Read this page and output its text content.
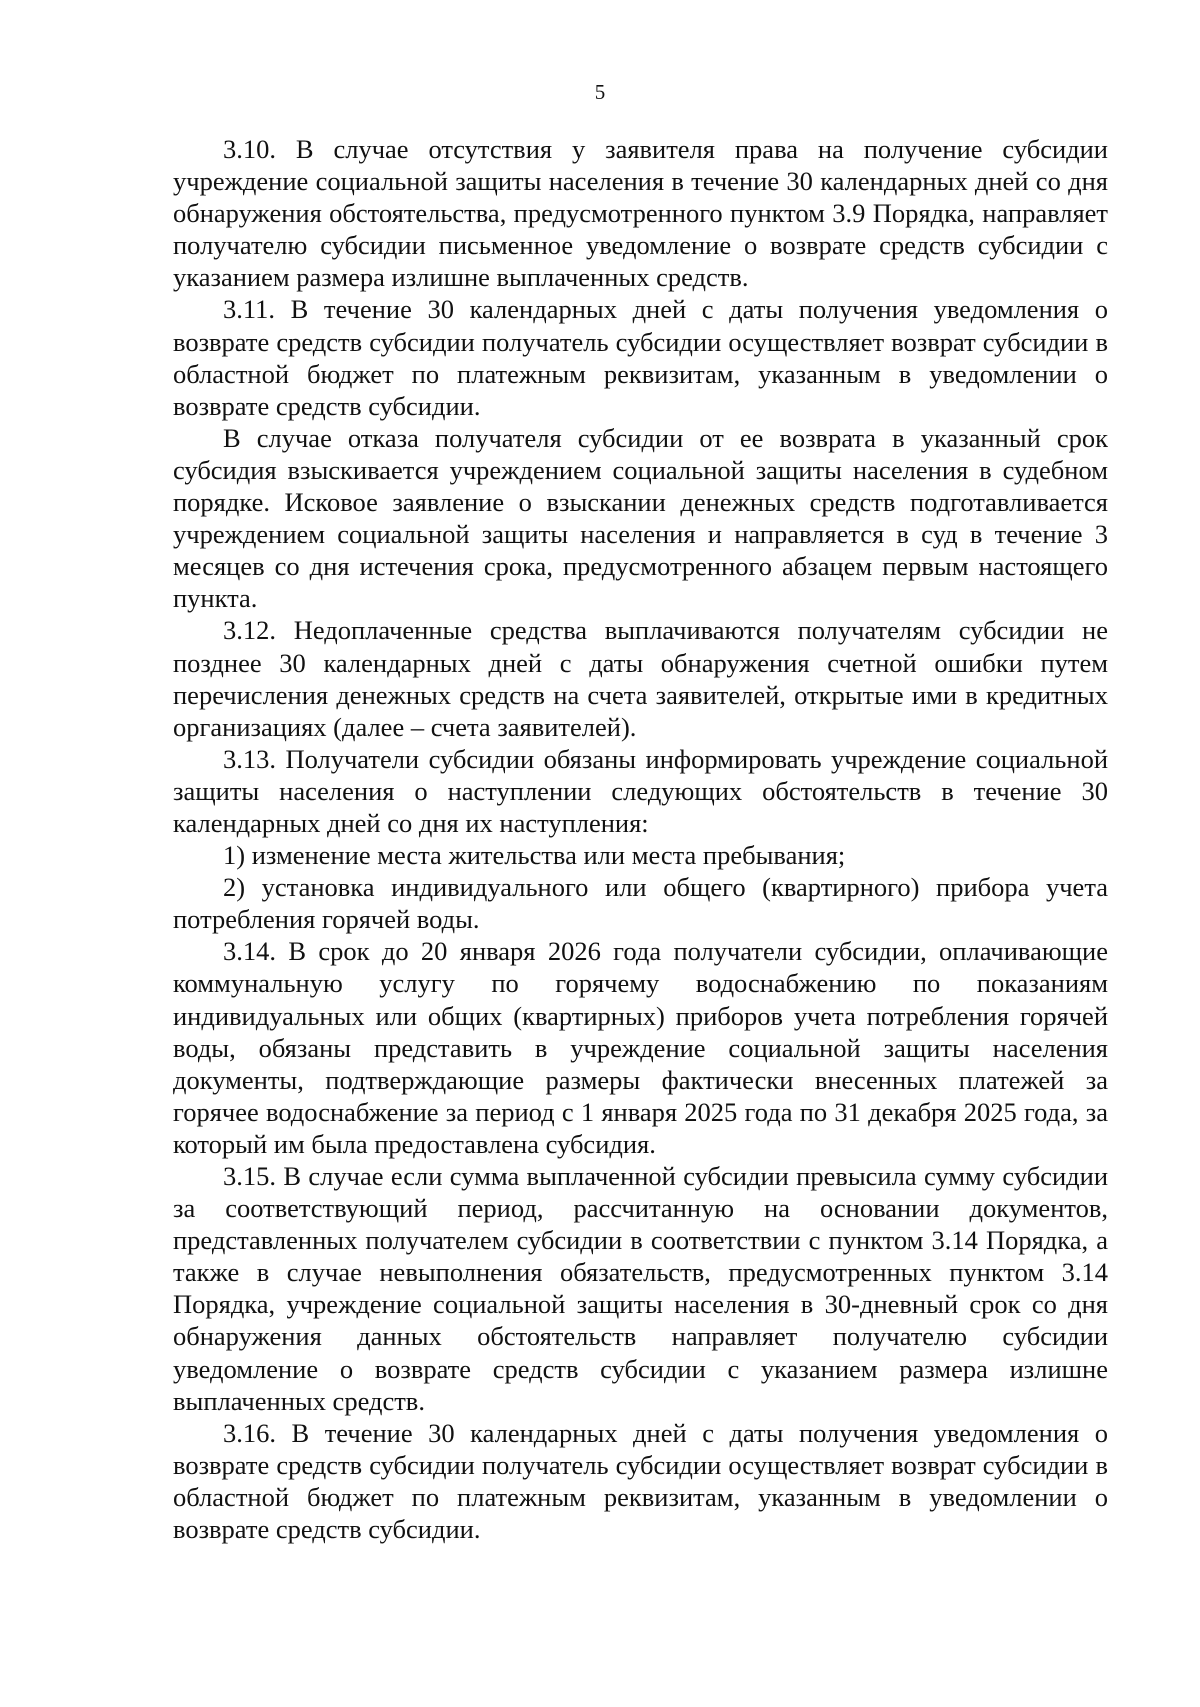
5

3.10. В случае отсутствия у заявителя права на получение субсидии учреждение социальной защиты населения в течение 30 календарных дней со дня обнаружения обстоятельства, предусмотренного пунктом 3.9 Порядка, направляет получателю субсидии письменное уведомление о возврате средств субсидии с указанием размера излишне выплаченных средств.

3.11. В течение 30 календарных дней с даты получения уведомления о возврате средств субсидии получатель субсидии осуществляет возврат субсидии в областной бюджет по платежным реквизитам, указанным в уведомлении о возврате средств субсидии.

В случае отказа получателя субсидии от ее возврата в указанный срок субсидия взыскивается учреждением социальной защиты населения в судебном порядке. Исковое заявление о взыскании денежных средств подготавливается учреждением социальной защиты населения и направляется в суд в течение 3 месяцев со дня истечения срока, предусмотренного абзацем первым настоящего пункта.

3.12. Недоплаченные средства выплачиваются получателям субсидии не позднее 30 календарных дней с даты обнаружения счетной ошибки путем перечисления денежных средств на счета заявителей, открытые ими в кредитных организациях (далее – счета заявителей).

3.13. Получатели субсидии обязаны информировать учреждение социальной защиты населения о наступлении следующих обстоятельств в течение 30 календарных дней со дня их наступления:

1) изменение места жительства или места пребывания;

2) установка индивидуального или общего (квартирного) прибора учета потребления горячей воды.

3.14. В срок до 20 января 2026 года получатели субсидии, оплачивающие коммунальную услугу по горячему водоснабжению по показаниям индивидуальных или общих (квартирных) приборов учета потребления горячей воды, обязаны представить в учреждение социальной защиты населения документы, подтверждающие размеры фактически внесенных платежей за горячее водоснабжение за период с 1 января 2025 года по 31 декабря 2025 года, за который им была предоставлена субсидия.

3.15. В случае если сумма выплаченной субсидии превысила сумму субсидии за соответствующий период, рассчитанную на основании документов, представленных получателем субсидии в соответствии с пунктом 3.14 Порядка, а также в случае невыполнения обязательств, предусмотренных пунктом 3.14 Порядка, учреждение социальной защиты населения в 30-дневный срок со дня обнаружения данных обстоятельств направляет получателю субсидии уведомление о возврате средств субсидии с указанием размера излишне выплаченных средств.

3.16. В течение 30 календарных дней с даты получения уведомления о возврате средств субсидии получатель субсидии осуществляет возврат субсидии в областной бюджет по платежным реквизитам, указанным в уведомлении о возврате средств субсидии.
